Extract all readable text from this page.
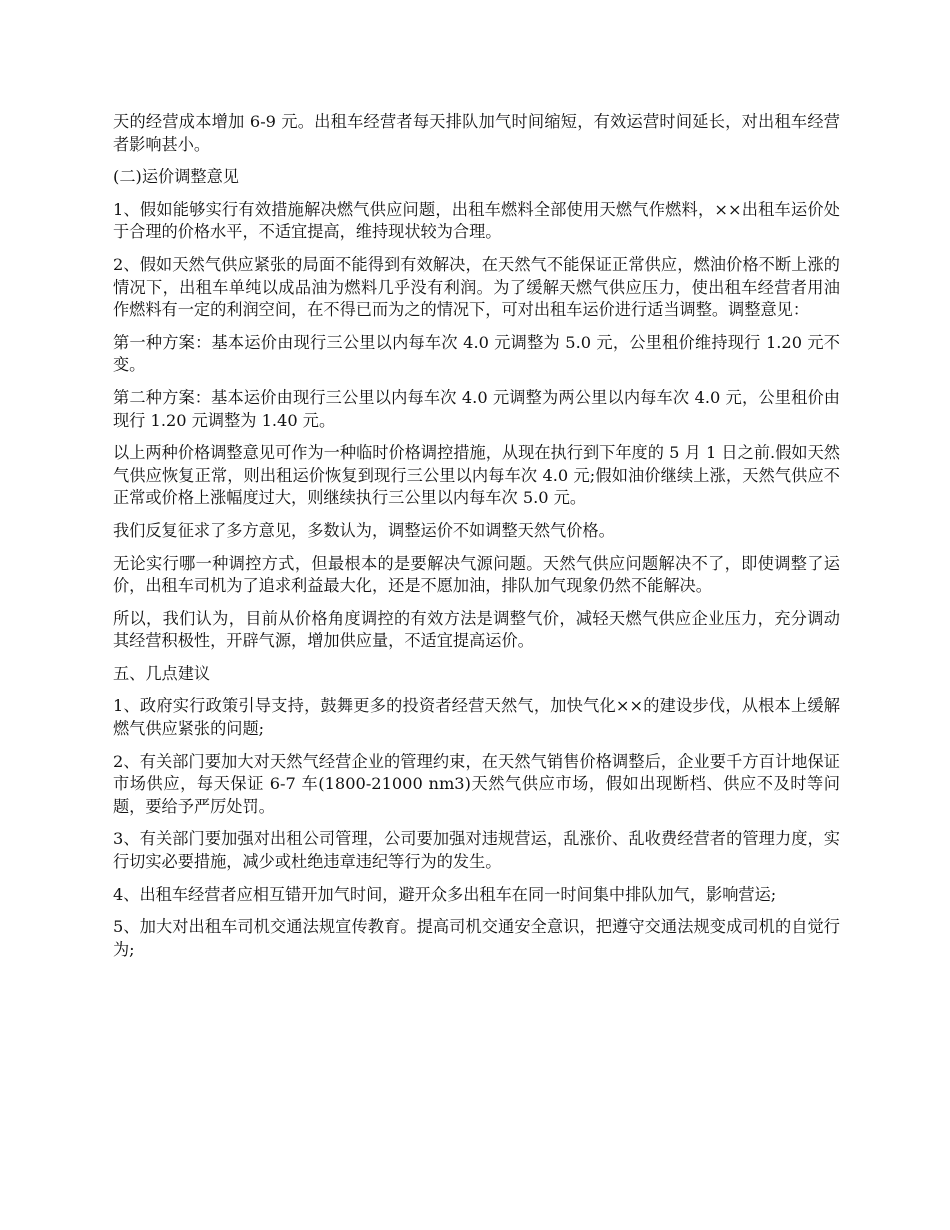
天的经营成本增加 6-9 元。出租车经营者每天排队加气时间缩短，有效运营时间延长，对出租车经营者影响甚小。

(二)运价调整意见

1、假如能够实行有效措施解决燃气供应问题，出租车燃料全部使用天燃气作燃料，××出租车运价处于合理的价格水平，不适宜提高，维持现状较为合理。

2、假如天然气供应紧张的局面不能得到有效解决，在天然气不能保证正常供应，燃油价格不断上涨的情况下，出租车单纯以成品油为燃料几乎没有利润。为了缓解天燃气供应压力，使出租车经营者用油作燃料有一定的利润空间，在不得已而为之的情况下，可对出租车运价进行适当调整。调整意见：

第一种方案：基本运价由现行三公里以内每车次 4.0 元调整为 5.0 元，公里租价维持现行 1.20 元不变。

第二种方案：基本运价由现行三公里以内每车次 4.0 元调整为两公里以内每车次 4.0 元，公里租价由现行 1.20 元调整为 1.40 元。

以上两种价格调整意见可作为一种临时价格调控措施，从现在执行到下年度的 5 月 1 日之前.假如天然气供应恢复正常，则出租运价恢复到现行三公里以内每车次 4.0 元;假如油价继续上涨，天然气供应不正常或价格上涨幅度过大，则继续执行三公里以内每车次 5.0 元。

我们反复征求了多方意见，多数认为，调整运价不如调整天然气价格。

无论实行哪一种调控方式，但最根本的是要解决气源问题。天然气供应问题解决不了，即使调整了运价，出租车司机为了追求利益最大化，还是不愿加油，排队加气现象仍然不能解决。

所以，我们认为，目前从价格角度调控的有效方法是调整气价，减轻天燃气供应企业压力，充分调动其经营积极性，开辟气源，增加供应量，不适宜提高运价。

五、几点建议

1、政府实行政策引导支持，鼓舞更多的投资者经营天然气，加快气化××的建设步伐，从根本上缓解燃气供应紧张的问题;

2、有关部门要加大对天然气经营企业的管理约束，在天然气销售价格调整后，企业要千方百计地保证市场供应，每天保证 6-7 车(1800-21000 nm3)天然气供应市场，假如出现断档、供应不及时等问题，要给予严厉处罚。

3、有关部门要加强对出租公司管理，公司要加强对违规营运，乱涨价、乱收费经营者的管理力度，实行切实必要措施，减少或杜绝违章违纪等行为的发生。

4、出租车经营者应相互错开加气时间，避开众多出租车在同一时间集中排队加气，影响营运;

5、加大对出租车司机交通法规宣传教育。提高司机交通安全意识，把遵守交通法规变成司机的自觉行为;
